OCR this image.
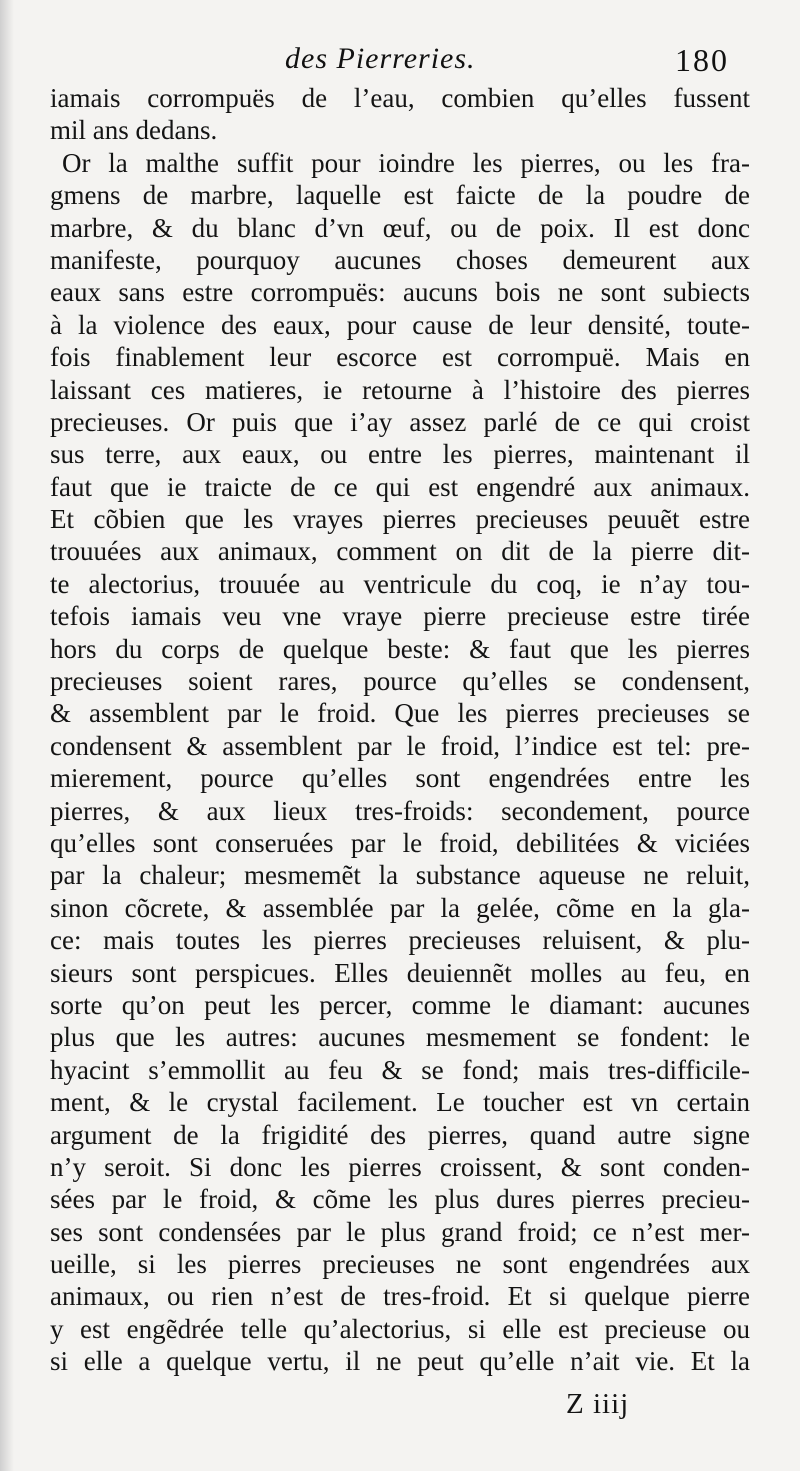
des Pierreries.	180
iamais corrompuës de l’eau, combien qu’elles fussent
mil ans dedans.
Or la malthe suffit pour ioindre les pierres, ou les fra-
gmens de marbre, laquelle est faicte de la poudre de
marbre, & du blanc d’vn œuf, ou de poix. Il est donc
manifeste, pourquoy aucunes choses demeurent aux
eaux sans estre corrompuës: aucuns bois ne sont subiects
à la violence des eaux, pour cause de leur densité, toute-
fois finablement leur escorce est corrompuë. Mais en
laissant ces matieres, ie retourne à l’histoire des pierres
precieuses. Or puis que i’ay assez parlé de ce qui croist
sus terre, aux eaux, ou entre les pierres, maintenant il
faut que ie traicte de ce qui est engendré aux animaux.
Et cõbien que les vrayes pierres precieuses peuuẽt estre
trouuées aux animaux, comment on dit de la pierre dit-
te alectorius, trouuée au ventricule du coq, ie n’ay tou-
tefois iamais veu vne vraye pierre precieuse estre tirée
hors du corps de quelque beste: & faut que les pierres
precieuses soient rares, pource qu’elles se condensent,
& assemblent par le froid. Que les pierres precieuses se
condensent & assemblent par le froid, l’indice est tel: pre-
mierement, pource qu’elles sont engendrées entre les
pierres, & aux lieux tres-froids: secondement, pource
qu’elles sont conseruées par le froid, debilitées & viciées
par la chaleur; mesmemẽt la substance aqueuse ne reluit,
sinon cõcrete, & assemblée par la gelée, cõme en la gla-
ce: mais toutes les pierres precieuses reluisent, & plu-
sieurs sont perspicues. Elles deuiennẽt molles au feu, en
sorte qu’on peut les percer, comme le diamant: aucunes
plus que les autres: aucunes mesmement se fondent: le
hyacint s’emmollit au feu & se fond; mais tres-difficile-
ment, & le crystal facilement. Le toucher est vn certain
argument de la frigidité des pierres, quand autre signe
n’y seroit. Si donc les pierres croissent, & sont conden-
sées par le froid, & cõme les plus dures pierres precieu-
ses sont condensées par le plus grand froid; ce n’est mer-
ueille, si les pierres precieuses ne sont engendrées aux
animaux, ou rien n’est de tres-froid. Et si quelque pierre
y est engẽdrée telle qu’alectorius, si elle est precieuse ou
si elle a quelque vertu, il ne peut qu’elle n’ait vie. Et la
Z iiij
